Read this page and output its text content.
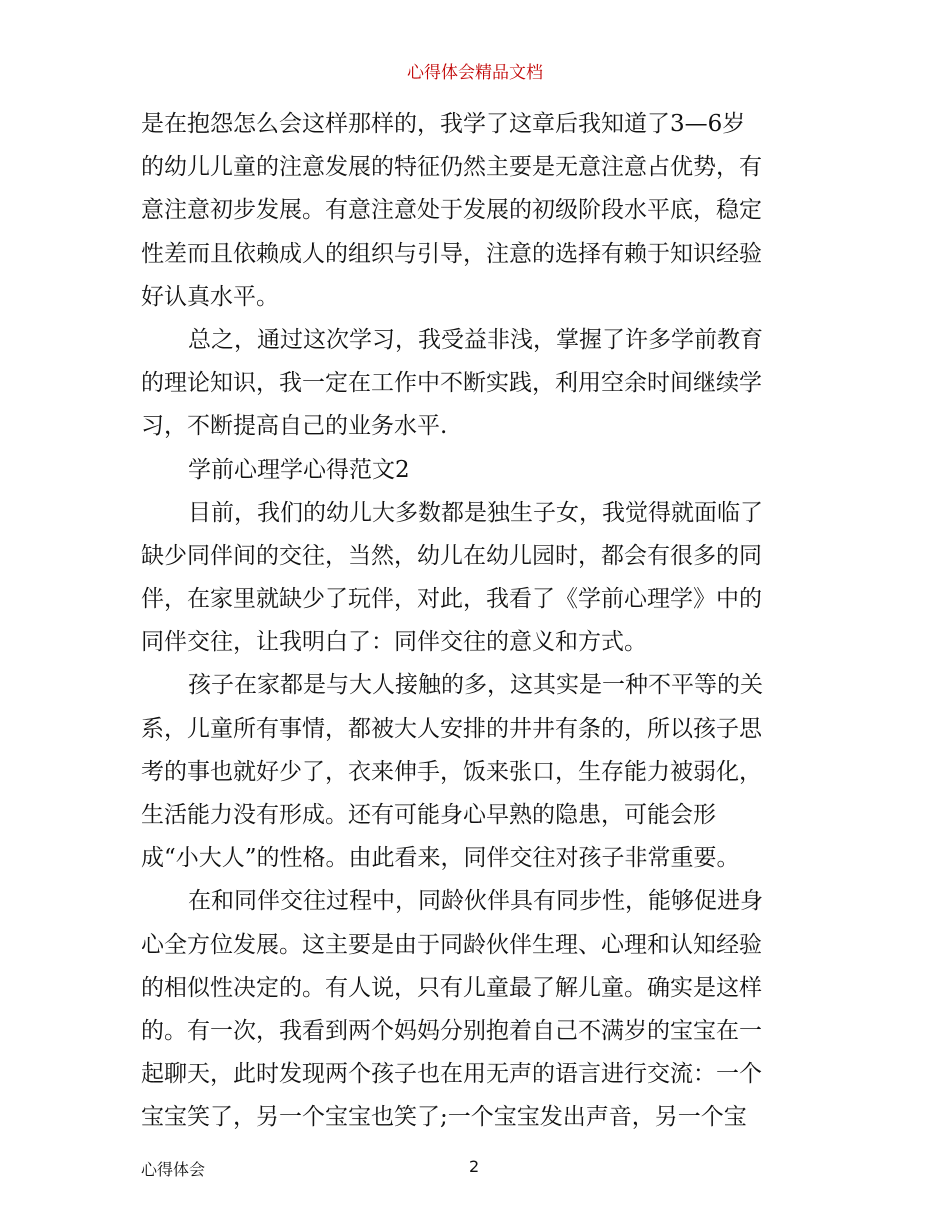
心得体会精品文档
是在抱怨怎么会这样那样的，我学了这章后我知道了3—6岁
的幼儿儿童的注意发展的特征仍然主要是无意注意占优势，有
意注意初步发展。有意注意处于发展的初级阶段水平底，稳定
性差而且依赖成人的组织与引导，注意的选择有赖于知识经验
好认真水平。
总之，通过这次学习，我受益非浅，掌握了许多学前教育
的理论知识，我一定在工作中不断实践，利用空余时间继续学
习，不断提高自己的业务水平.
学前心理学心得范文2
目前，我们的幼儿大多数都是独生子女，我觉得就面临了
缺少同伴间的交往，当然，幼儿在幼儿园时，都会有很多的同
伴，在家里就缺少了玩伴，对此，我看了《学前心理学》中的
同伴交往，让我明白了：同伴交往的意义和方式。
孩子在家都是与大人接触的多，这其实是一种不平等的关
系，儿童所有事情，都被大人安排的井井有条的，所以孩子思
考的事也就好少了，衣来伸手，饭来张口，生存能力被弱化，
生活能力没有形成。还有可能身心早熟的隐患，可能会形
成“小大人”的性格。由此看来，同伴交往对孩子非常重要。
在和同伴交往过程中，同龄伙伴具有同步性，能够促进身
心全方位发展。这主要是由于同龄伙伴生理、心理和认知经验
的相似性决定的。有人说，只有儿童最了解儿童。确实是这样
的。有一次，我看到两个妈妈分别抱着自己不满岁的宝宝在一
起聊天，此时发现两个孩子也在用无声的语言进行交流：一个
宝宝笑了，另一个宝宝也笑了;一个宝宝发出声音，另一个宝
心得体会	2
